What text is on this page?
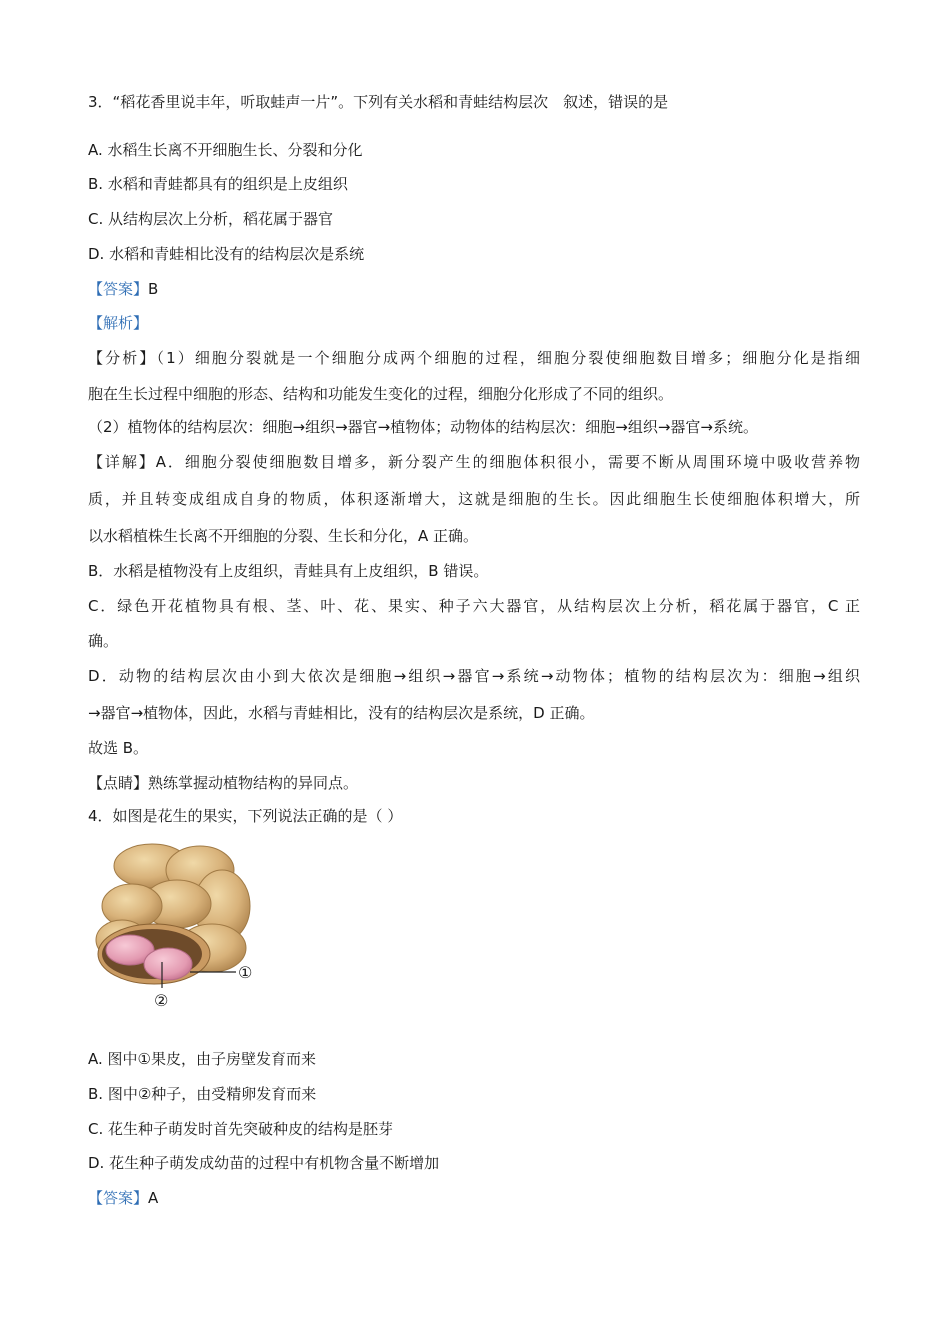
3．“稻花香里说丰年，听取蛙声一片”。下列有关水稻和青蛙结构层次　叙述，错误的是
A. 水稻生长离不开细胞生长、分裂和分化
B. 水稻和青蛙都具有的组织是上皮组织
C. 从结构层次上分析，稻花属于器官
D. 水稻和青蛙相比没有的结构层次是系统
【答案】B
【解析】
【分析】（1）细胞分裂就是一个细胞分成两个细胞的过程，细胞分裂使细胞数目增多；细胞分化是指细
胞在生长过程中细胞的形态、结构和功能发生变化的过程，细胞分化形成了不同的组织。
（2）植物体的结构层次：细胞→组织→器官→植物体；动物体的结构层次：细胞→组织→器官→系统。
【详解】A．细胞分裂使细胞数目增多，新分裂产生的细胞体积很小，需要不断从周围环境中吸收营养物
质，并且转变成组成自身的物质，体积逐渐增大，这就是细胞的生长。因此细胞生长使细胞体积增大，所
以水稻植株生长离不开细胞的分裂、生长和分化，A 正确。
B．水稻是植物没有上皮组织，青蛙具有上皮组织，B 错误。
C．绿色开花植物具有根、茎、叶、花、果实、种子六大器官，从结构层次上分析，稻花属于器官，C 正
确。
D．动物的结构层次由小到大依次是细胞→组织→器官→系统→动物体；植物的结构层次为：细胞→组织
→器官→植物体，因此，水稻与青蛙相比，没有的结构层次是系统，D 正确。
故选 B。
【点睛】熟练掌握动植物结构的异同点。
4．如图是花生的果实，下列说法正确的是（ ）
①
②
A. 图中①果皮，由子房壁发育而来
B. 图中②种子，由受精卵发育而来
C. 花生种子萌发时首先突破种皮的结构是胚芽
D. 花生种子萌发成幼苗的过程中有机物含量不断增加
【答案】A
